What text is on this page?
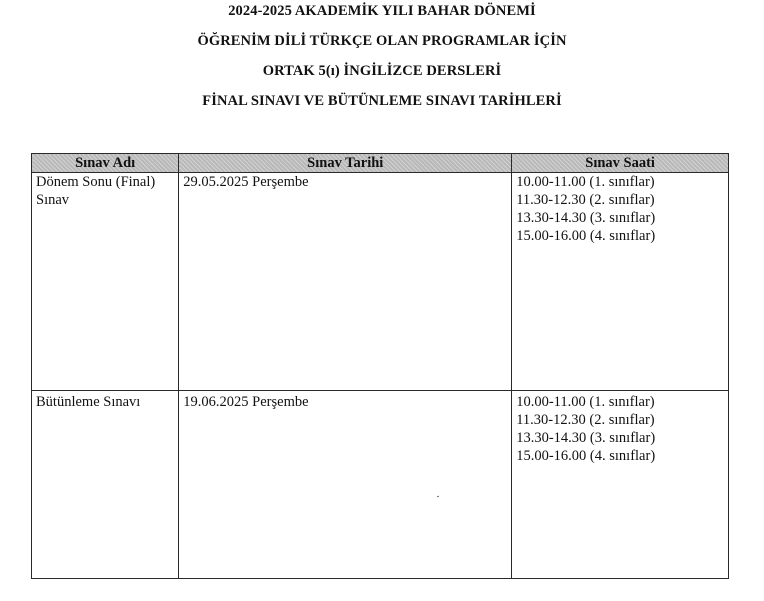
2024-2025 AKADEMİK YILI BAHAR DÖNEMİ
ÖĞRENİM DİLİ TÜRKÇE OLAN PROGRAMLAR İÇİN
ORTAK 5(ı) İNGİLİZCE DERSLERİ
FİNAL SINAVI VE BÜTÜNLEME SINAVI TARİHLERİ
Sınav Adı	Sınav Tarihi	Sınav Saati
Dönem Sonu (Final) Sınav	29.05.2025 Perşembe	10.00-11.00 (1. sınıflar)
11.30-12.30 (2. sınıflar)
13.30-14.30 (3. sınıflar)
15.00-16.00 (4. sınıflar)

Bütünleme Sınavı	19.06.2025 Perşembe	10.00-11.00 (1. sınıflar)
11.30-12.30 (2. sınıflar)
13.30-14.30 (3. sınıflar)
15.00-16.00 (4. sınıflar)
